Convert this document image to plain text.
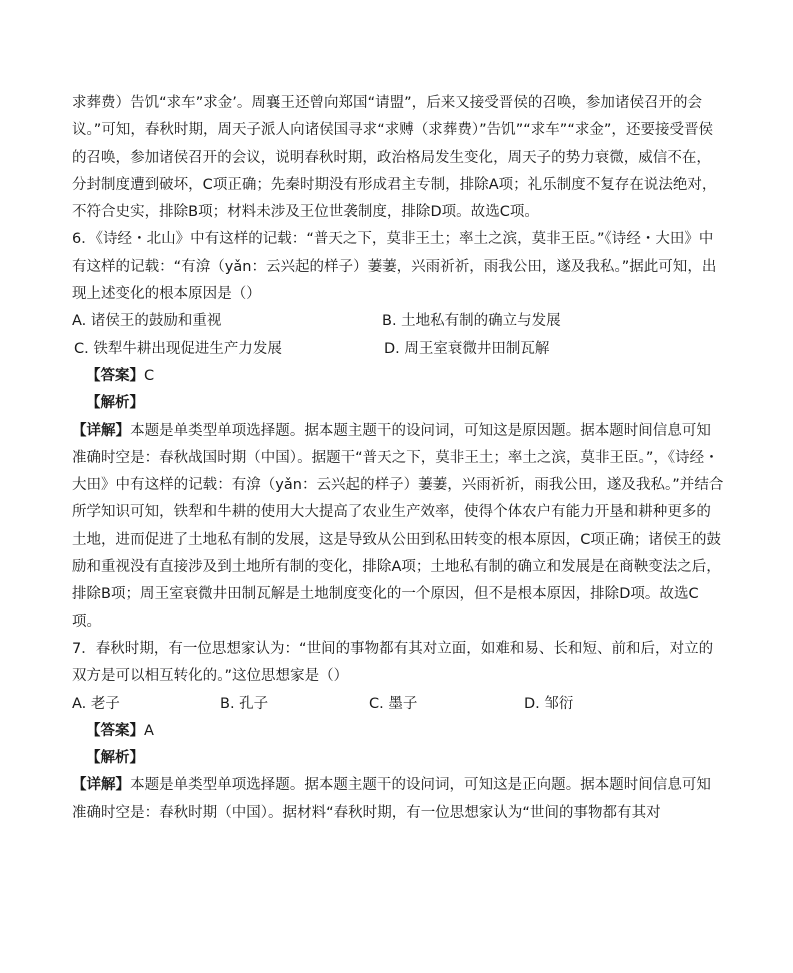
求葬费）告饥“求车”求金’。周襄王还曾向郑国“请盟”，后来又接受晋侯的召唤，参加诸侯召开的会议。”可知，春秋时期，周天子派人向诸侯国寻求“求赙（求葬费）”告饥”“求车”“求金”，还要接受晋侯的召唤，参加诸侯召开的会议，说明春秋时期，政治格局发生变化，周天子的势力衰微，威信不在，分封制度遭到破坏，C项正确；先秦时期没有形成君主专制，排除A项；礼乐制度不复存在说法绝对，不符合史实，排除B项；材料未涉及王位世袭制度，排除D项。故选C项。

6．《诗经・北山》中有这样的记载：“普天之下，莫非王土；率土之滨，莫非王臣。”《诗经・大田》中有这样的记载：“有渰（yǎn：云兴起的样子）萋萋，兴雨祈祈，雨我公田，遂及我私。”据此可知，出现上述变化的根本原因是（）

A. 诸侯王的鼓励和重视	B. 土地私有制的确立与发展
C. 铁犁牛耕出现促进生产力发展	D. 周王室衰微井田制瓦解
【答案】C
【解析】

【详解】本题是单类型单项选择题。据本题主题干的设问词，可知这是原因题。据本题时间信息可知准确时空是：春秋战国时期（中国）。据题干“普天之下，莫非王土；率土之滨，莫非王臣。”，《诗经・大田》中有这样的记载：有渰（yǎn：云兴起的样子）萋萋，兴雨祈祈，雨我公田，遂及我私。”并结合所学知识可知，铁犁和牛耕的使用大大提高了农业生产效率，使得个体农户有能力开垦和耕种更多的土地，进而促进了土地私有制的发展，这是导致从公田到私田转变的根本原因，C项正确；诸侯王的鼓励和重视没有直接涉及到土地所有制的变化，排除A项；土地私有制的确立和发展是在商鞅变法之后，排除B项；周王室衰微井田制瓦解是土地制度变化的一个原因，但不是根本原因，排除D项。故选C项。

7．春秋时期，有一位思想家认为：“世间的事物都有其对立面，如难和易、长和短、前和后，对立的双方是可以相互转化的。”这位思想家是（）

A. 老子	B. 孔子	C. 墨子	D. 邹衍
【答案】A
【解析】

【详解】本题是单类型单项选择题。据本题主题干的设问词，可知这是正向题。据本题时间信息可知准确时空是：春秋时期（中国）。据材料“春秋时期，有一位思想家认为“世间的事物都有其对
